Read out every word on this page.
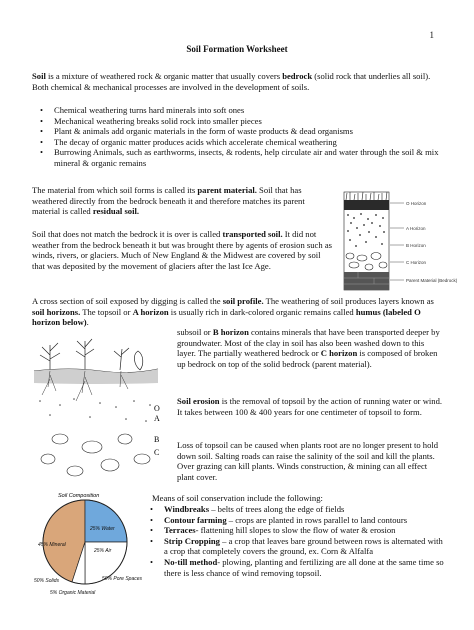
1
Soil Formation Worksheet
Soil is a mixture of weathered rock & organic matter that usually covers bedrock (solid rock that underlies all soil). Both chemical & mechanical processes are involved in the development of soils.
• Chemical weathering turns hard minerals into soft ones
• Mechanical weathering breaks solid rock into smaller pieces
• Plant & animals add organic materials in the form of waste products & dead organisms
• The decay of organic matter produces acids which accelerate chemical weathering
• Burrowing Animals, such as earthworms, insects, & rodents, help circulate air and water through the soil & mix mineral & organic remains
The material from which soil forms is called its parent material. Soil that has weathered directly from the bedrock beneath it and therefore matches its parent material is called residual soil.
O Horizon
A Horizon
B Horizon
C Horizon
Parent Material (Bedrock)
Soil that does not match the bedrock it is over is called transported soil. It did not weather from the bedrock beneath it but was brought there by agents of erosion such as winds, rivers, or glaciers. Much of New England & the Midwest are covered by soil that was deposited by the movement of glaciers after the last Ice Age.
A cross section of soil exposed by digging is called the soil profile. The weathering of soil produces layers known as soil horizons. The topsoil or A horizon is usually rich in dark-colored organic remains called humus (labeled O horizon below).
O
A
B
C
subsoil or B horizon contains minerals that have been transported deeper by groundwater. Most of the clay in soil has also been washed down to this layer. The partially weathered bedrock or C horizon is composed of broken up bedrock on top of the solid bedrock (parent material).
Soil erosion is the removal of topsoil by the action of running water or wind. It takes between 100 & 400 years for one centimeter of topsoil to form.
Loss of topsoil can be caused when plants root are no longer present to hold down soil. Salting roads can raise the salinity of the soil and kill the plants. Over grazing can kill plants. Winds construction, & mining can all effect plant cover.
Soil Composition
45% Mineral
25% Water
25% Air
5% Organic Material
50% Solids	50% Pore Spaces
Means of soil conservation include the following:
• Windbreaks – belts of trees along the edge of fields
• Contour farming – crops are planted in rows parallel to land contours
• Terraces- flattening hill slopes to slow the flow of water & erosion
• Strip Cropping – a crop that leaves bare ground between rows is alternated with a crop that completely covers the ground, ex. Corn & Alfalfa
• No-till method- plowing, planting and fertilizing are all done at the same time so there is less chance of wind removing topsoil.
